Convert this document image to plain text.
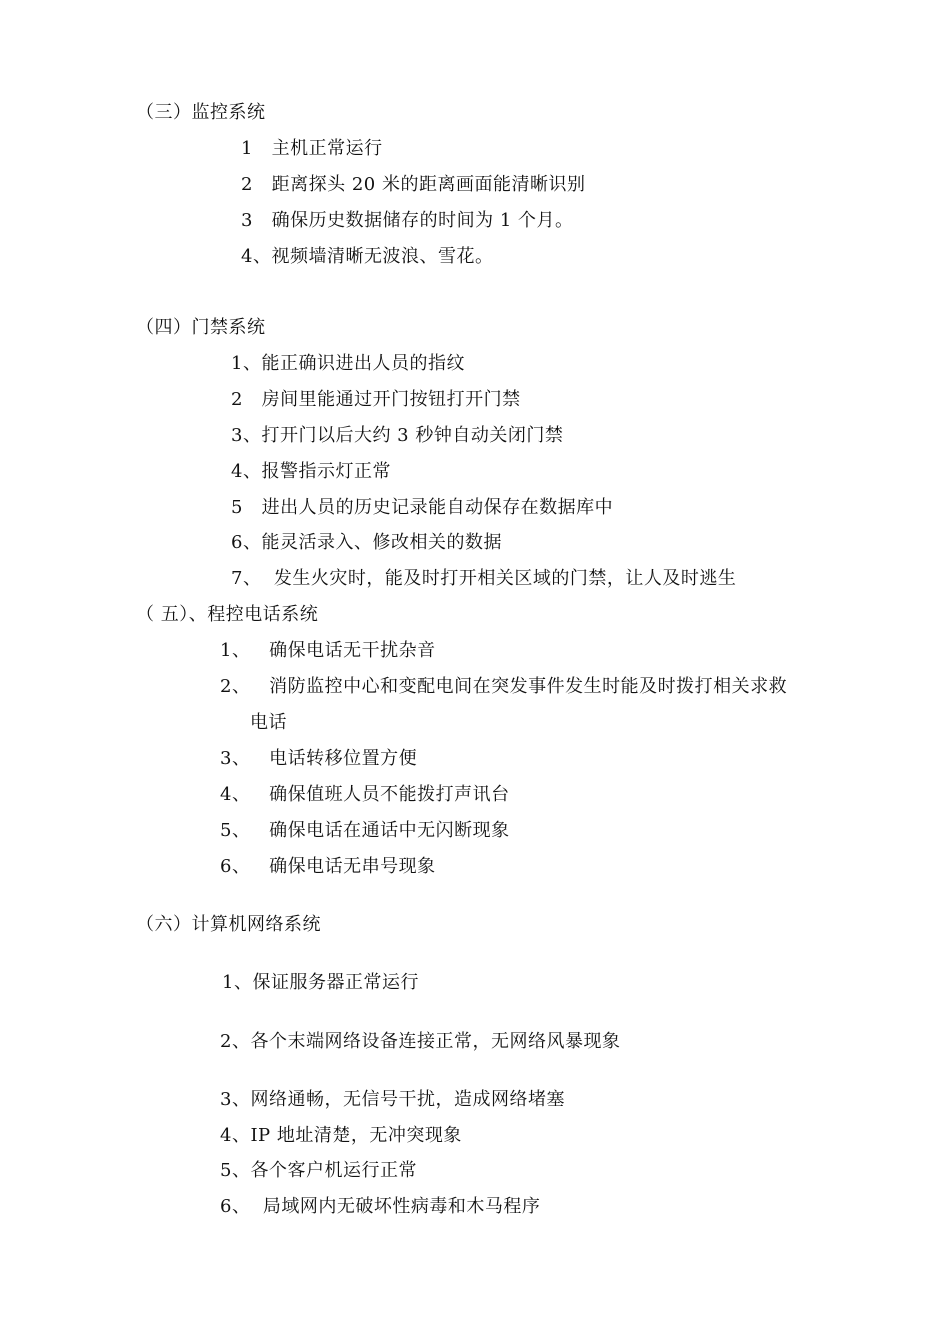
（三）监控系统
1   主机正常运行
2   距离探头 20 米的距离画面能清晰识别
3   确保历史数据储存的时间为 1 个月。
4、视频墙清晰无波浪、雪花。
（四）门禁系统
1、能正确识进出人员的指纹
2   房间里能通过开门按钮打开门禁
3、打开门以后大约 3 秒钟自动关闭门禁
4、报警指示灯正常
5   进出人员的历史记录能自动保存在数据库中
6、能灵活录入、修改相关的数据
7、  发生火灾时，能及时打开相关区域的门禁，让人及时逃生
（ 五）、程控电话系统
1、   确保电话无干扰杂音
2、   消防监控中心和变配电间在突发事件发生时能及时拨打相关求救
电话
3、   电话转移位置方便
4、   确保值班人员不能拨打声讯台
5、   确保电话在通话中无闪断现象
6、   确保电话无串号现象
（六）计算机网络系统
1、保证服务器正常运行
2、各个末端网络设备连接正常，无网络风暴现象
3、网络通畅，无信号干扰，造成网络堵塞
4、IP 地址清楚，无冲突现象
5、各个客户机运行正常
6、  局域网内无破坏性病毒和木马程序
